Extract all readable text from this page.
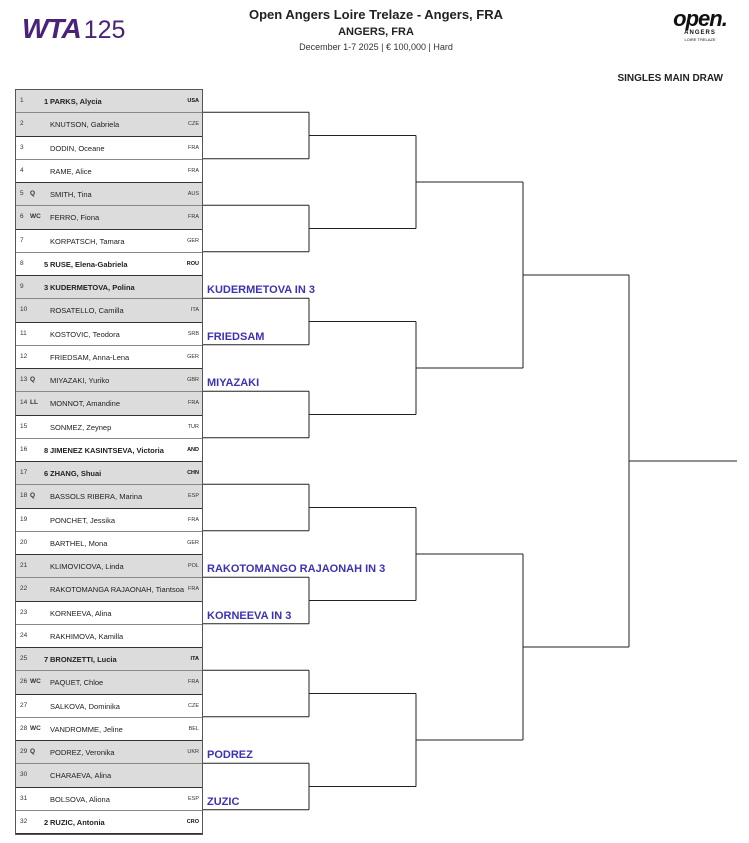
WTA 125
Open Angers Loire Trelaze - Angers, FRA
ANGERS, FRA
December 1-7 2025 | € 100,000 | Hard
open.
ANGERS
LOIRE TRELAZE
SINGLES MAIN DRAW
1	1 PARKS, Alycia	USA
2	KNUTSON, Gabriela	CZE
3	DODIN, Oceane	FRA
4	RAME, Alice	FRA
5 Q SMITH, Tina	AUS
6 WC FERRO, Fiona	FRA
7	KORPATSCH, Tamara	GER
8	5 RUSE, Elena-Gabriela	ROU
9	3 KUDERMETOVA, Polina
10	ROSATELLO, Camilla	ITA
11	KOSTOVIC, Teodora	SRB
12	FRIEDSAM, Anna-Lena	GER
13 Q MIYAZAKI, Yuriko	GBR
14 LL MONNOT, Amandine	FRA
15	SONMEZ, Zeynep	TUR
16 8 JIMENEZ KASINTSEVA, Victoria	AND
17 6 ZHANG, Shuai	CHN
18 Q BASSOLS RIBERA, Marina	ESP
19	PONCHET, Jessika	FRA
20	BARTHEL, Mona	GER
21	KLIMOVICOVA, Linda	POL
22	RAKOTOMANGA RAJAONAH, Tiantsoa FRA
23	KORNEEVA, Alina
24	RAKHIMOVA, Kamilla
25 7 BRONZETTI, Lucia	ITA
26 WC PAQUET, Chloe	FRA
27	SALKOVA, Dominika	CZE
28 WC VANDROMME, Jeline	BEL
29 Q PODREZ, Veronika	UKR
30	CHARAEVA, Alina
31	BOLSOVA, Aliona	ESP
32 2 RUZIC, Antonia	CRO
KUDERMETOVA IN 3
FRIEDSAM
MIYAZAKI
RAKOTOMANGO RAJAONAH IN 3
KORNEEVA IN 3
PODREZ
ZUZIC
